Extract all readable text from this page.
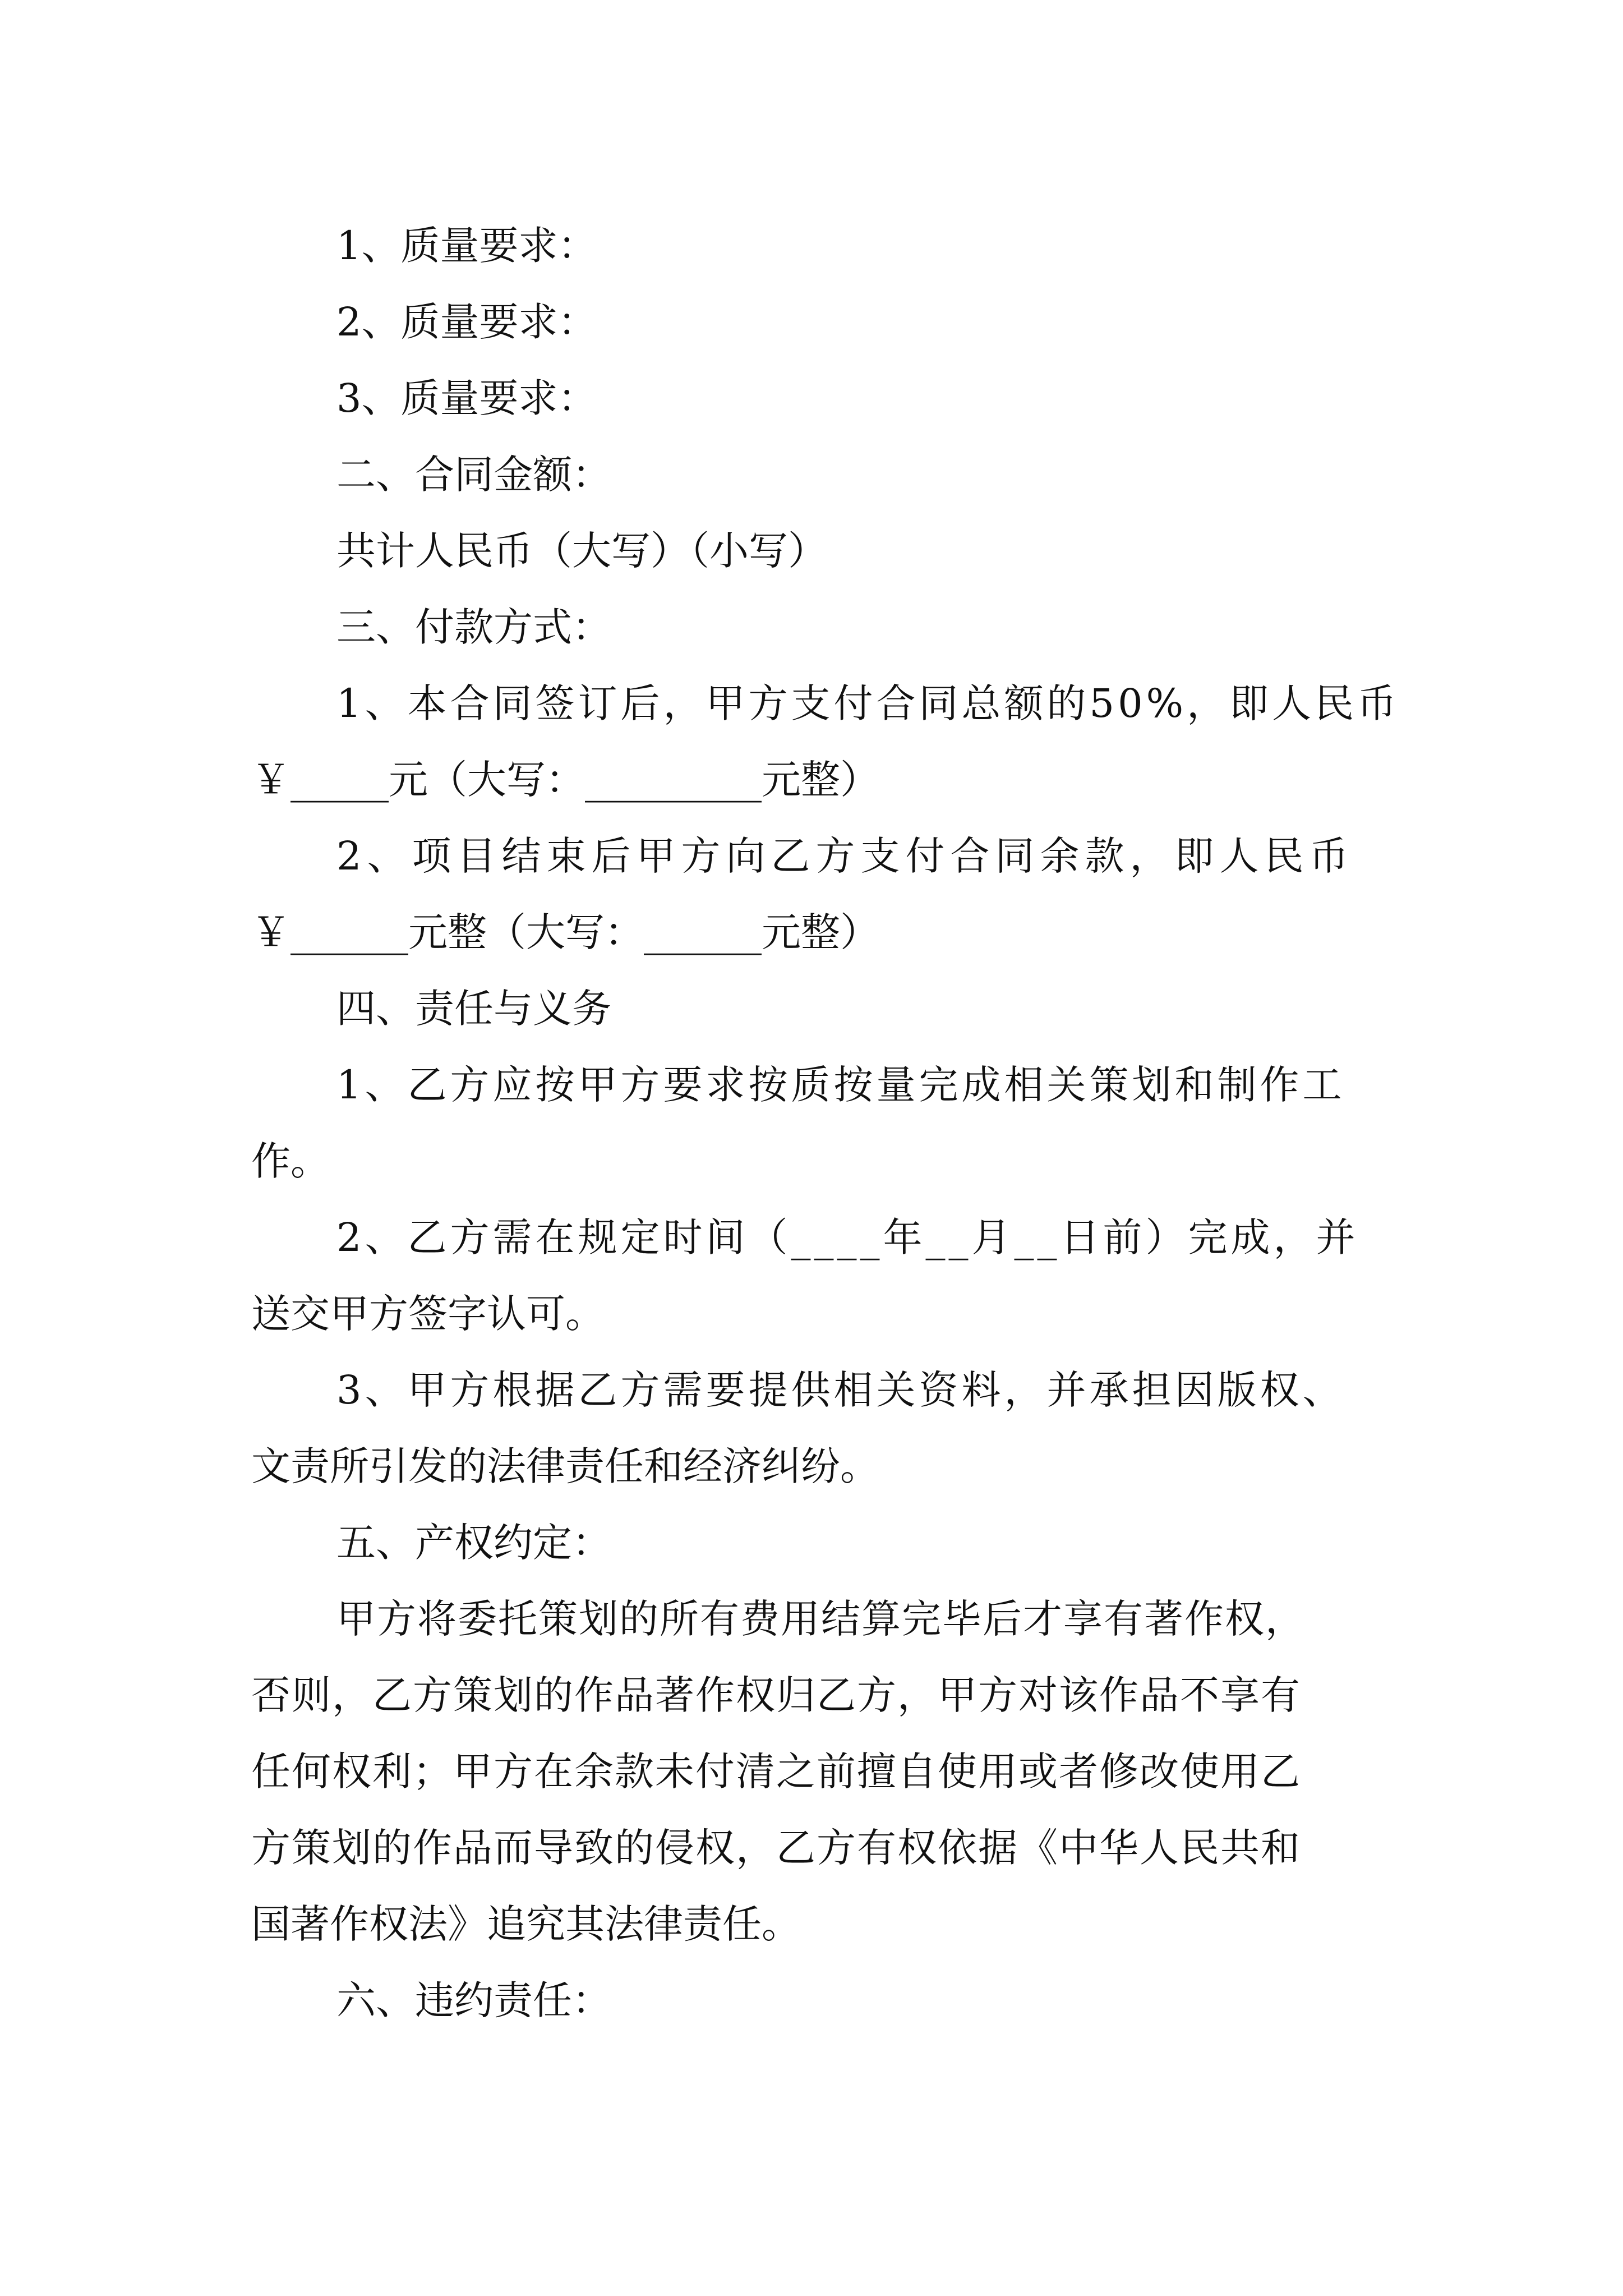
1、质量要求：
2、质量要求：
3、质量要求：
二、合同金额：
共计人民币（大写）（小写）
三、付款方式：
1、本合同签订后，甲方支付合同总额的50%，即人民币
￥_____元（大写：_________元整）
2、项目结束后甲方向乙方支付合同余款，即人民币
￥______元整（大写：______元整）
四、责任与义务
1、乙方应按甲方要求按质按量完成相关策划和制作工
作。
2、乙方需在规定时间（____年__月__日前）完成，并
送交甲方签字认可。
3、甲方根据乙方需要提供相关资料，并承担因版权、
文责所引发的法律责任和经济纠纷。
五、产权约定：
甲方将委托策划的所有费用结算完毕后才享有著作权，
否则，乙方策划的作品著作权归乙方，甲方对该作品不享有
任何权利；甲方在余款未付清之前擅自使用或者修改使用乙
方策划的作品而导致的侵权，乙方有权依据《中华人民共和
国著作权法》追究其法律责任。
六、违约责任：
